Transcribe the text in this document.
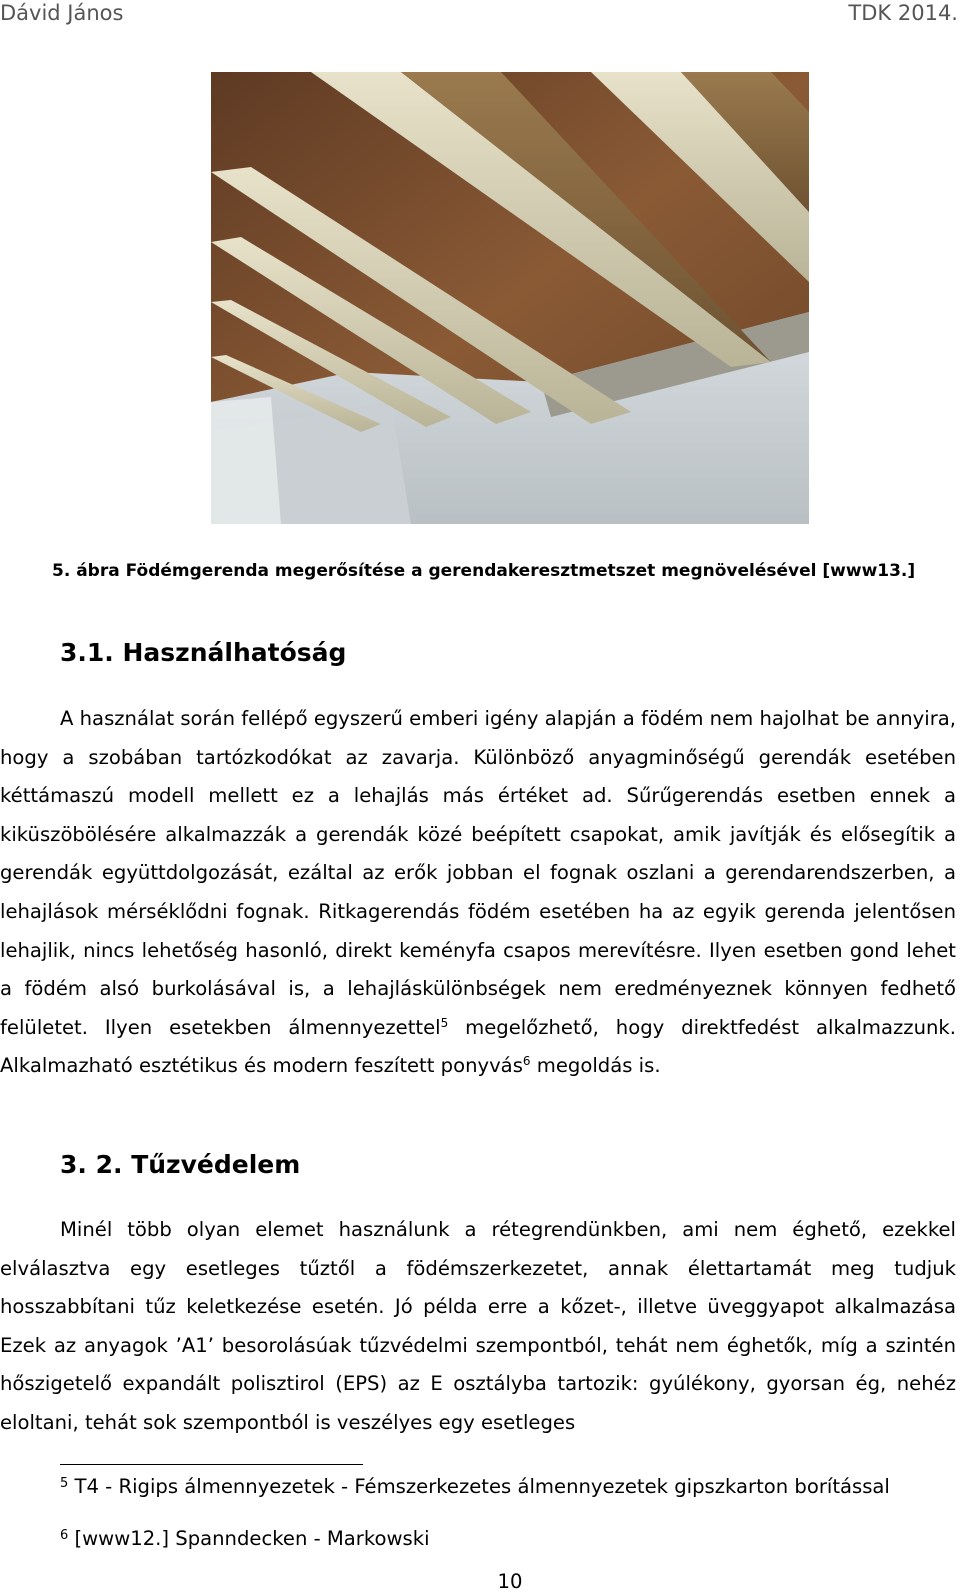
Dávid János	TDK 2014.
5. ábra Födémgerenda megerősítése a gerendakeresztmetszet megnövelésével [www13.]
3.1. Használhatóság
A használat során fellépő egyszerű emberi igény alapján a födém nem hajolhat be annyira, hogy a szobában tartózkodókat az zavarja. Különböző anyagminőségű gerendák esetében kéttámaszú modell mellett ez a lehajlás más értéket ad. Sűrűgerendás esetben ennek a kiküszöbölésére alkalmazzák a gerendák közé beépített csapokat, amik javítják és elősegítik a gerendák együttdolgozását, ezáltal az erők jobban el fognak oszlani a gerendarendszerben, a lehajlások mérséklődni fognak. Ritkagerendás födém esetében ha az egyik gerenda jelentősen lehajlik, nincs lehetőség hasonló, direkt keményfa csapos merevítésre. Ilyen esetben gond lehet a födém alsó burkolásával is, a lehajláskülönbségek nem eredményeznek könnyen fedhető felületet. Ilyen esetekben álmennyezettel$^5$ megelőzhető, hogy direktfedést alkalmazzunk. Alkalmazható esztétikus és modern feszített ponyvás$^6$ megoldás is.
3. 2. Tűzvédelem
Minél több olyan elemet használunk a rétegrendünkben, ami nem éghető, ezekkel elválasztva egy esetleges tűztől a födémszerkezetet, annak élettartamát meg tudjuk hosszabbítani tűz keletkezése esetén. Jó példa erre a kőzet-, illetve üveggyapot alkalmazása Ezek az anyagok ’A1’ besorolásúak tűzvédelmi szempontból, tehát nem éghetők, míg a szintén hőszigetelő expandált polisztirol (EPS) az E osztályba tartozik: gyúlékony, gyorsan ég, nehéz eloltani, tehát sok szempontból is veszélyes egy esetleges
$^5$ T4 - Rigips álmennyezetek - Fémszerkezetes álmennyezetek gipszkarton borítással
$^6$ [www12.] Spanndecken - Markowski
10
